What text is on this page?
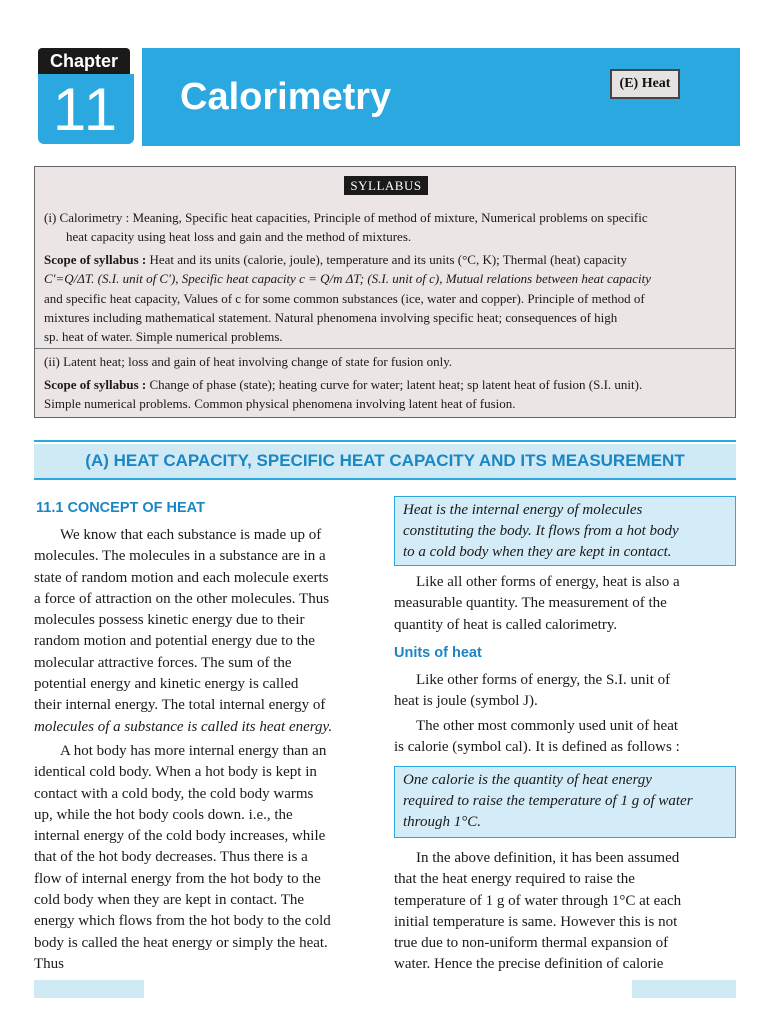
Chapter
11	Calorimetry	(E) Heat
SYLLABUS
(i) Calorimetry : Meaning, Specific heat capacities, Principle of method of mixture, Numerical problems on specific
heat capacity using heat loss and gain and the method of mixtures.
Scope of syllabus : Heat and its units (calorie, joule), temperature and its units (°C, K); Thermal (heat) capacity
C′=Q/ΔT. (S.I. unit of C′), Specific heat capacity c = Q/m ΔT; (S.I. unit of c), Mutual relations between heat capacity
and specific heat capacity, Values of c for some common substances (ice, water and copper). Principle of method of
mixtures including mathematical statement. Natural phenomena involving specific heat; consequences of high
sp. heat of water. Simple numerical problems.
(ii) Latent heat; loss and gain of heat involving change of state for fusion only.
Scope of syllabus : Change of phase (state); heating curve for water; latent heat; sp latent heat of fusion (S.I. unit).
Simple numerical problems. Common physical phenomena involving latent heat of fusion.
(A) HEAT CAPACITY, SPECIFIC HEAT CAPACITY AND ITS MEASUREMENT
11.1 CONCEPT OF HEAT
We know that each substance is made up of
molecules. The molecules in a substance are in a
state of random motion and each molecule exerts
a force of attraction on the other molecules. Thus
molecules possess kinetic energy due to their
random motion and potential energy due to the
molecular attractive forces. The sum of the
potential energy and kinetic energy is called
their internal energy. The total internal energy of
molecules of a substance is called its heat energy.
A hot body has more internal energy than an
identical cold body. When a hot body is kept in
contact with a cold body, the cold body warms
up, while the hot body cools down. i.e., the
internal energy of the cold body increases, while
that of the hot body decreases. Thus there is a
flow of internal energy from the hot body to the
cold body when they are kept in contact. The
energy which flows from the hot body to the cold
body is called the heat energy or simply the heat.
Thus
Heat is the internal energy of molecules
constituting the body. It flows from a hot body
to a cold body when they are kept in contact.
Like all other forms of energy, heat is also a
measurable quantity. The measurement of the
quantity of heat is called calorimetry.
Units of heat
Like other forms of energy, the S.I. unit of
heat is joule (symbol J).
The other most commonly used unit of heat
is calorie (symbol cal). It is defined as follows :
One calorie is the quantity of heat energy
required to raise the temperature of 1 g of water
through 1°C.
In the above definition, it has been assumed
that the heat energy required to raise the
temperature of 1 g of water through 1°C at each
initial temperature is same. However this is not
true due to non-uniform thermal expansion of
water. Hence the precise definition of calorie
